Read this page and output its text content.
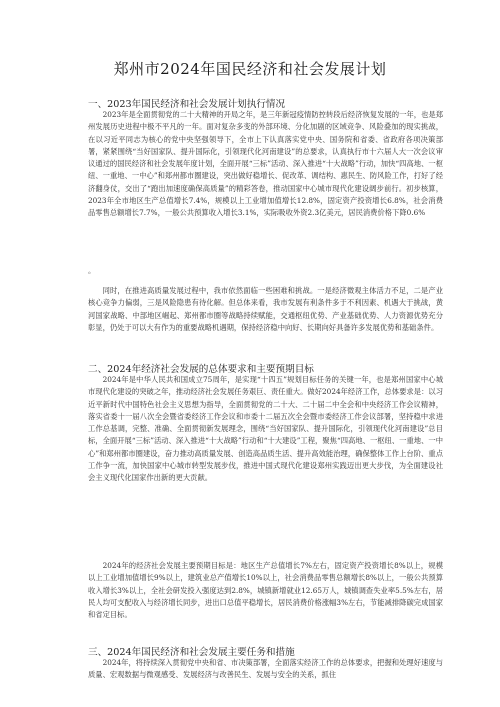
郑州市2024年国民经济和社会发展计划
一、2023年国民经济和社会发展计划执行情况
2023年是全面贯彻党的二十大精神的开局之年，是三年新冠疫情防控转段后经济恢复发展的一年，也是郑州发展历史进程中极不平凡的一年。面对复杂多变的外部环境、分化加剧的区域竞争、风险叠加的现实挑战，在以习近平同志为核心的党中央坚强领导下，全市上下认真落实党中央、国务院和省委、省政府各项决策部署，紧紧围绕“当好国家队、提升国际化，引领现代化河南建设”的总要求，认真执行市十六届人大一次会议审议通过的国民经济和社会发展年度计划，全面开展“三标”活动、深入推进“十大战略”行动，加快“四高地、一枢纽、一重地、一中心”和郑州都市圈建设，突出做好稳增长、促改革、调结构、惠民生、防风险工作，打好了经济翻身仗，交出了“跑出加速度确保高质量”的精彩答卷，推动国家中心城市现代化建设阔步前行。初步核算，2023年全市地区生产总值增长7.4%，规模以上工业增加值增长12.8%，固定资产投资增长6.8%，社会消费品零售总额增长7.7%，一般公共预算收入增长3.1%，实际吸收外资2.3亿美元，居民消费价格下降0.6%
。
同时，在推进高质量发展过程中，我市依然面临一些困难和挑战。一是经济微观主体活力不足，二是产业核心竞争力偏弱，三是风险隐患有待化解。但总体来看，我市发展有利条件多于不利因素、机遇大于挑战，黄河国家战略、中部地区崛起、郑州都市圈等战略持续赋能，交通枢纽优势、产业基础优势、人力资源优势充分彰显，仍处于可以大有作为的重要战略机遇期，保持经济稳中向好、长期向好具备许多发展优势和基础条件。
二、2024年经济社会发展的总体要求和主要预期目标
2024年是中华人民共和国成立75周年，是实现“十四五”规划目标任务的关键一年，也是郑州国家中心城市现代化建设的突破之年，推动经济社会发展任务艰巨、责任重大。做好2024年经济工作，总体要求是：以习近平新时代中国特色社会主义思想为指导，全面贯彻党的二十大、二十届二中全会和中央经济工作会议精神，落实省委十一届八次全会暨省委经济工作会议和市委十二届五次全会暨市委经济工作会议部署，坚持稳中求进工作总基调，完整、准确、全面贯彻新发展理念，围绕“当好国家队、提升国际化，引领现代化河南建设”总目标，全面开展“三标”活动、深入推进“十大战略”行动和“十大建设”工程，聚焦“四高地、一枢纽、一重地、一中心”和郑州都市圈建设，奋力推动高质量发展、创造高品质生活、提升高效能治理，确保整体工作上台阶、重点工作争一流，加快国家中心城市转型发展步伐，推进中国式现代化建设郑州实践迈出更大步伐，为全面建设社会主义现代化国家作出新的更大贡献。
2024年的经济社会发展主要预期目标是：地区生产总值增长7%左右，固定资产投资增长8%以上，规模以上工业增加值增长9%以上，建筑业总产值增长10%以上，社会消费品零售总额增长8%以上，一般公共预算收入增长3%以上，全社会研发投入强度达到2.8%，城镇新增就业12.65万人，城镇调查失业率5.5%左右，居民人均可支配收入与经济增长同步，进出口总值平稳增长，居民消费价格涨幅3%左右，节能减排降碳完成国家和省定目标。
三、2024年国民经济和社会发展主要任务和措施
2024年，将持续深入贯彻党中央和省、市决策部署，全面落实经济工作的总体要求，把握和处理好速度与质量、宏观数据与微观感受、发展经济与改善民生、发展与安全的关系，抓住
